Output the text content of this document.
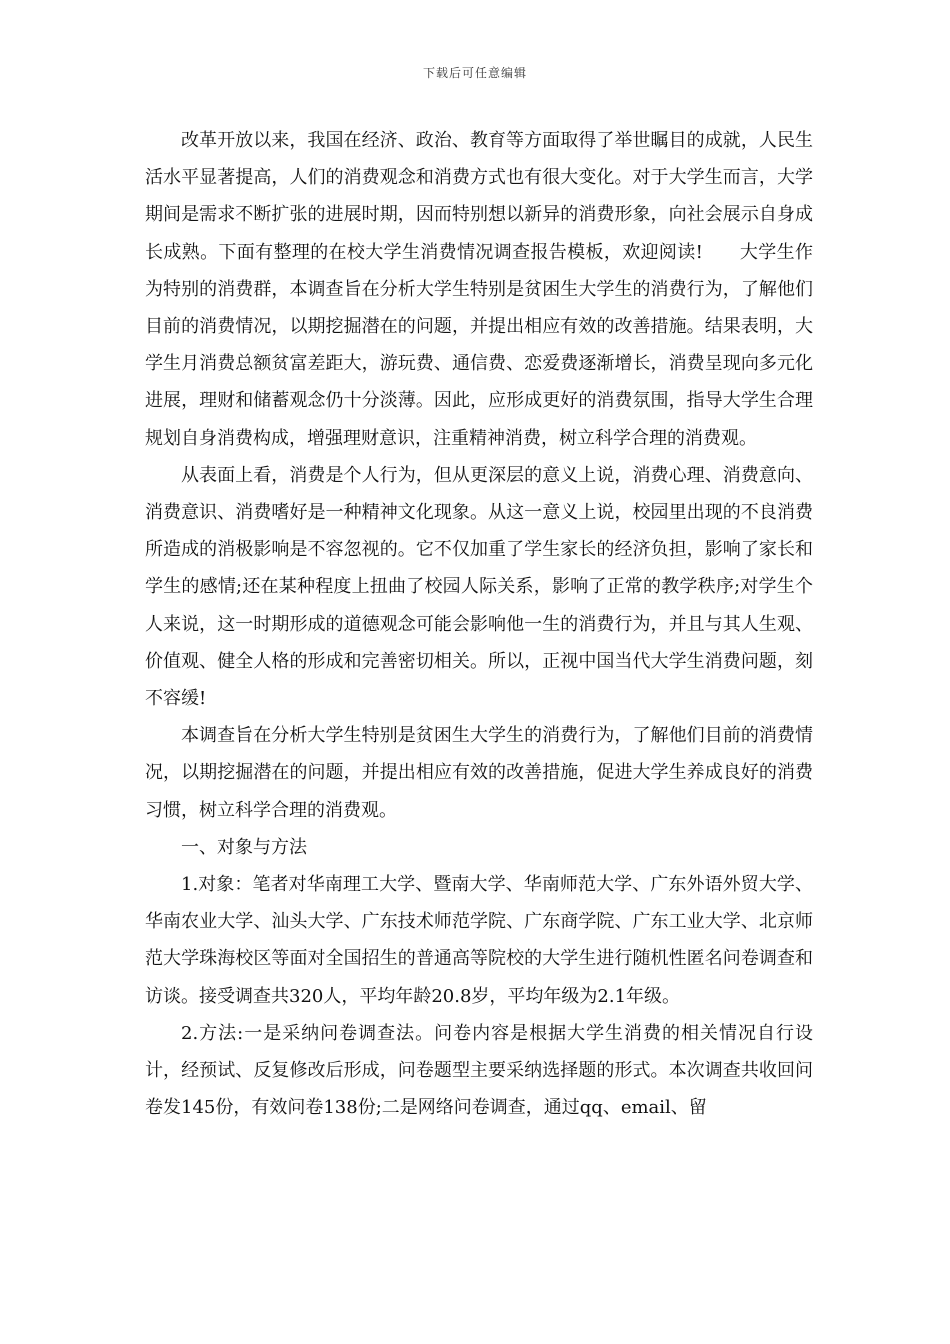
下载后可任意编辑

改革开放以来，我国在经济、政治、教育等方面取得了举世瞩目的成就，人民生活水平显著提高，人们的消费观念和消费方式也有很大变化。对于大学生而言，大学期间是需求不断扩张的进展时期，因而特别想以新异的消费形象，向社会展示自身成长成熟。下面有整理的在校大学生消费情况调查报告模板，欢迎阅读!　　大学生作为特别的消费群，本调查旨在分析大学生特别是贫困生大学生的消费行为，了解他们目前的消费情况，以期挖掘潜在的问题，并提出相应有效的改善措施。结果表明，大学生月消费总额贫富差距大，游玩费、通信费、恋爱费逐渐增长，消费呈现向多元化进展，理财和储蓄观念仍十分淡薄。因此，应形成更好的消费氛围，指导大学生合理规划自身消费构成，增强理财意识，注重精神消费，树立科学合理的消费观。

从表面上看，消费是个人行为，但从更深层的意义上说，消费心理、消费意向、消费意识、消费嗜好是一种精神文化现象。从这一意义上说，校园里出现的不良消费所造成的消极影响是不容忽视的。它不仅加重了学生家长的经济负担，影响了家长和学生的感情;还在某种程度上扭曲了校园人际关系，影响了正常的教学秩序;对学生个人来说，这一时期形成的道德观念可能会影响他一生的消费行为，并且与其人生观、价值观、健全人格的形成和完善密切相关。所以，正视中国当代大学生消费问题，刻不容缓!

本调查旨在分析大学生特别是贫困生大学生的消费行为，了解他们目前的消费情况，以期挖掘潜在的问题，并提出相应有效的改善措施，促进大学生养成良好的消费习惯，树立科学合理的消费观。

一、对象与方法

1.对象：笔者对华南理工大学、暨南大学、华南师范大学、广东外语外贸大学、华南农业大学、汕头大学、广东技术师范学院、广东商学院、广东工业大学、北京师范大学珠海校区等面对全国招生的普通高等院校的大学生进行随机性匿名问卷调查和访谈。接受调查共320人，平均年龄20.8岁，平均年级为2.1年级。

2.方法:一是采纳问卷调查法。问卷内容是根据大学生消费的相关情况自行设计，经预试、反复修改后形成，问卷题型主要采纳选择题的形式。本次调查共收回问卷发145份，有效问卷138份;二是网络问卷调查，通过qq、email、留
